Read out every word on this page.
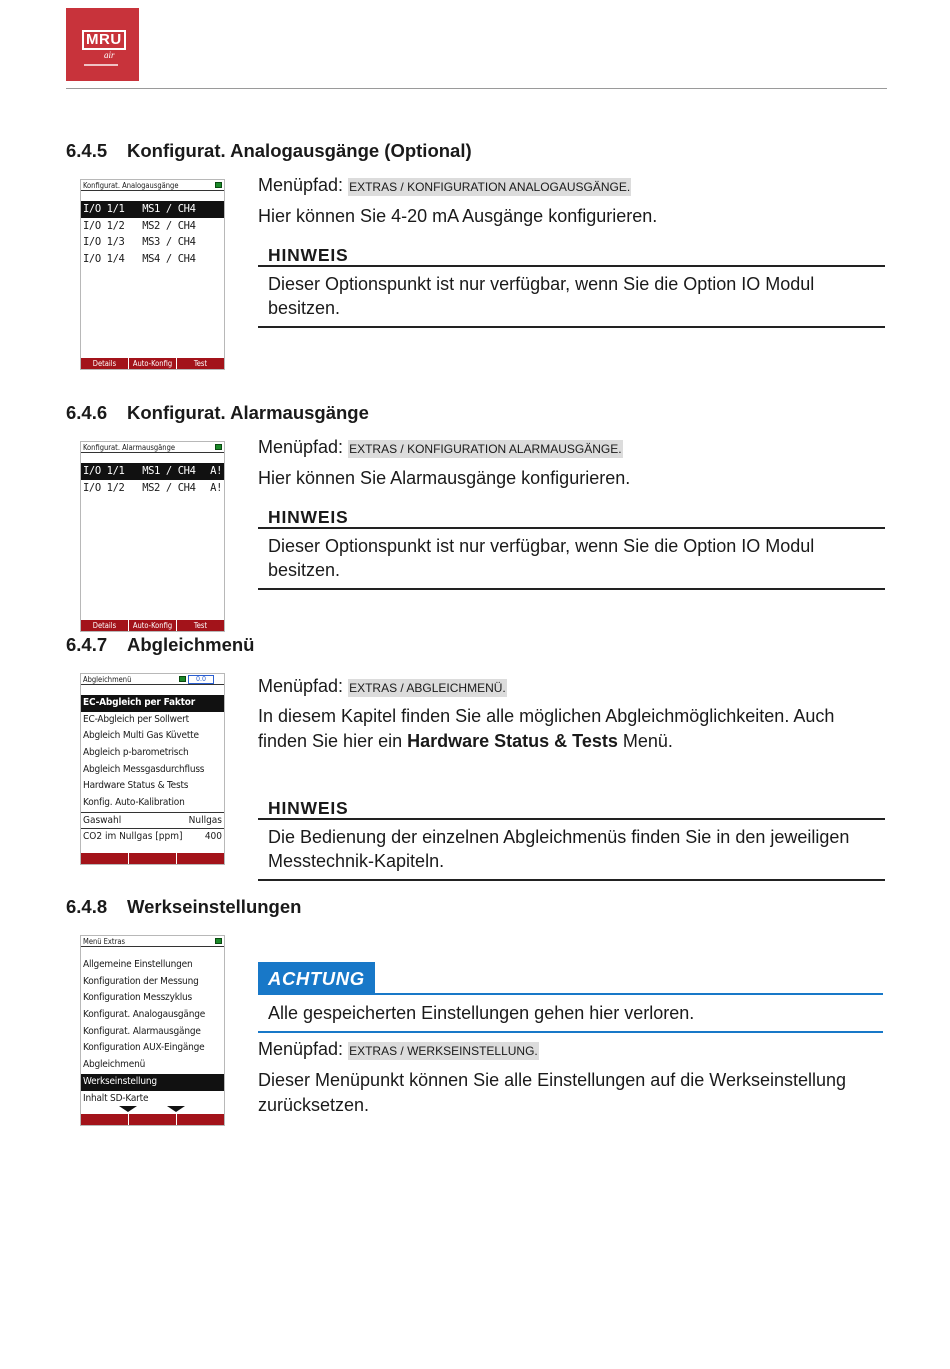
MRU
air
6.4.5 Konfigurat. Analogausgänge (Optional)
Konfigurat. Analogausgänge
I/O 1/1   MS1 / CH4
I/O 1/2   MS2 / CH4
I/O 1/3   MS3 / CH4
I/O 1/4   MS4 / CH4
Details	Auto-Konfig	Test
Menüpfad: EXTRAS / KONFIGURATION ANALOGAUSGÄNGE.
Hier können Sie 4-20 mA Ausgänge konfigurieren.
HINWEIS
Dieser Optionspunkt ist nur verfügbar, wenn Sie die Option IO Modul besitzen.
6.4.6 Konfigurat. Alarmausgänge
Konfigurat. Alarmausgänge
I/O 1/1   MS1 / CH4 A!
I/O 1/2   MS2 / CH4 A!
Details	Auto-Konfig	Test
Menüpfad: EXTRAS / KONFIGURATION ALARMAUSGÄNGE.
Hier können Sie Alarmausgänge konfigurieren.
HINWEIS
Dieser Optionspunkt ist nur verfügbar, wenn Sie die Option IO Modul besitzen.
6.4.7 Abgleichmenü
Abgleichmenü	0.0
EC-Abgleich per Faktor
EC-Abgleich per Sollwert
Abgleich Multi Gas Küvette
Abgleich p-barometrisch
Abgleich Messgasdurchfluss
Hardware Status & Tests
Konfig. Auto-Kalibration
Gaswahl	Nullgas
CO2 im Nullgas [ppm] 400
Menüpfad: EXTRAS / ABGLEICHMENÜ.
In diesem Kapitel finden Sie alle möglichen Abgleichmöglichkeiten. Auch finden Sie hier ein Hardware Status & Tests Menü.
HINWEIS
Die Bedienung der einzelnen Abgleichmenüs finden Sie in den jeweiligen Messtechnik-Kapiteln.
6.4.8 Werkseinstellungen
Menü Extras
Allgemeine Einstellungen
Konfiguration der Messung
Konfiguration Messzyklus
Konfigurat. Analogausgänge
Konfigurat. Alarmausgänge
Konfiguration AUX-Eingänge
Abgleichmenü
Werkseinstellung
Inhalt SD-Karte
ACHTUNG
Alle gespeicherten Einstellungen gehen hier verloren.
Menüpfad: EXTRAS / WERKSEINSTELLUNG.
Dieser Menüpunkt können Sie alle Einstellungen auf die Werkseinstellung zurücksetzen.
